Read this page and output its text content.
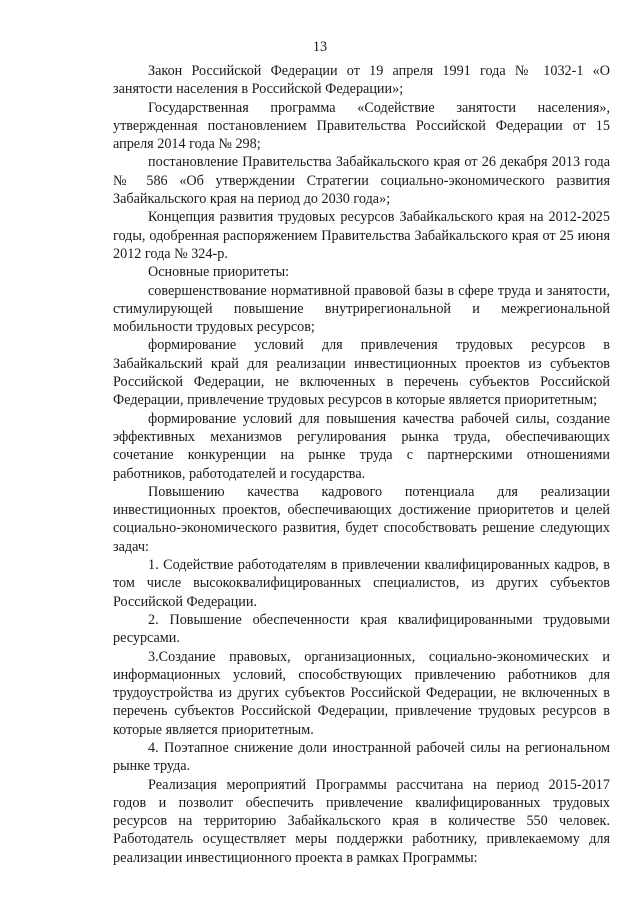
13

Закон Российской Федерации от 19 апреля 1991 года № 1032-1 «О занятости населения в Российской Федерации»;

Государственная программа «Содействие занятости населения», утвержденная постановлением Правительства Российской Федерации от 15 апреля 2014 года № 298;

постановление Правительства Забайкальского края от 26 декабря 2013 года № 586 «Об утверждении Стратегии социально-экономического развития Забайкальского края на период до 2030 года»;

Концепция развития трудовых ресурсов Забайкальского края на 2012-2025 годы, одобренная распоряжением Правительства Забайкальского края от 25 июня 2012 года № 324-р.

Основные приоритеты:

совершенствование нормативной правовой базы в сфере труда и занятости, стимулирующей повышение внутрирегиональной и межрегиональной мобильности трудовых ресурсов;

формирование условий для привлечения трудовых ресурсов в Забайкальский край для реализации инвестиционных проектов из субъектов Российской Федерации, не включенных в перечень субъектов Российской Федерации, привлечение трудовых ресурсов в которые является приоритетным;

формирование условий для повышения качества рабочей силы, создание эффективных механизмов регулирования рынка труда, обеспечивающих сочетание конкуренции на рынке труда с партнерскими отношениями работников, работодателей и государства.

Повышению качества кадрового потенциала для реализации инвестиционных проектов, обеспечивающих достижение приоритетов и целей социально-экономического развития, будет способствовать решение следующих задач:

1. Содействие работодателям в привлечении квалифицированных кадров, в том числе высококвалифицированных специалистов, из других субъектов Российской Федерации.

2. Повышение обеспеченности края квалифицированными трудовыми ресурсами.

3.Создание правовых, организационных, социально-экономических и информационных условий, способствующих привлечению работников для трудоустройства из других субъектов Российской Федерации, не включенных в перечень субъектов Российской Федерации, привлечение трудовых ресурсов в которые является приоритетным.

4. Поэтапное снижение доли иностранной рабочей силы на региональном рынке труда.

Реализация мероприятий Программы рассчитана на период 2015-2017 годов и позволит обеспечить привлечение квалифицированных трудовых ресурсов на территорию Забайкальского края в количестве 550 человек. Работодатель осуществляет меры поддержки работнику, привлекаемому для реализации инвестиционного проекта в рамках Программы:
